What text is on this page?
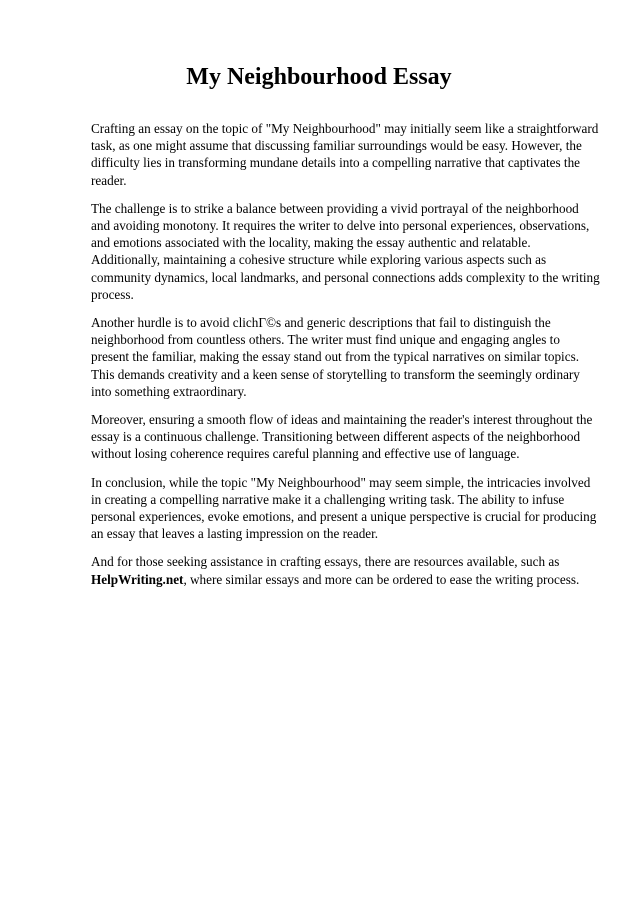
My Neighbourhood Essay

Crafting an essay on the topic of "My Neighbourhood" may initially seem like a straightforward task, as one might assume that discussing familiar surroundings would be easy. However, the difficulty lies in transforming mundane details into a compelling narrative that captivates the reader.

The challenge is to strike a balance between providing a vivid portrayal of the neighborhood and avoiding monotony. It requires the writer to delve into personal experiences, observations, and emotions associated with the locality, making the essay authentic and relatable. Additionally, maintaining a cohesive structure while exploring various aspects such as community dynamics, local landmarks, and personal connections adds complexity to the writing process.

Another hurdle is to avoid clichГ©s and generic descriptions that fail to distinguish the neighborhood from countless others. The writer must find unique and engaging angles to present the familiar, making the essay stand out from the typical narratives on similar topics. This demands creativity and a keen sense of storytelling to transform the seemingly ordinary into something extraordinary.

Moreover, ensuring a smooth flow of ideas and maintaining the reader's interest throughout the essay is a continuous challenge. Transitioning between different aspects of the neighborhood without losing coherence requires careful planning and effective use of language.

In conclusion, while the topic "My Neighbourhood" may seem simple, the intricacies involved in creating a compelling narrative make it a challenging writing task. The ability to infuse personal experiences, evoke emotions, and present a unique perspective is crucial for producing an essay that leaves a lasting impression on the reader.

And for those seeking assistance in crafting essays, there are resources available, such as HelpWriting.net, where similar essays and more can be ordered to ease the writing process.
